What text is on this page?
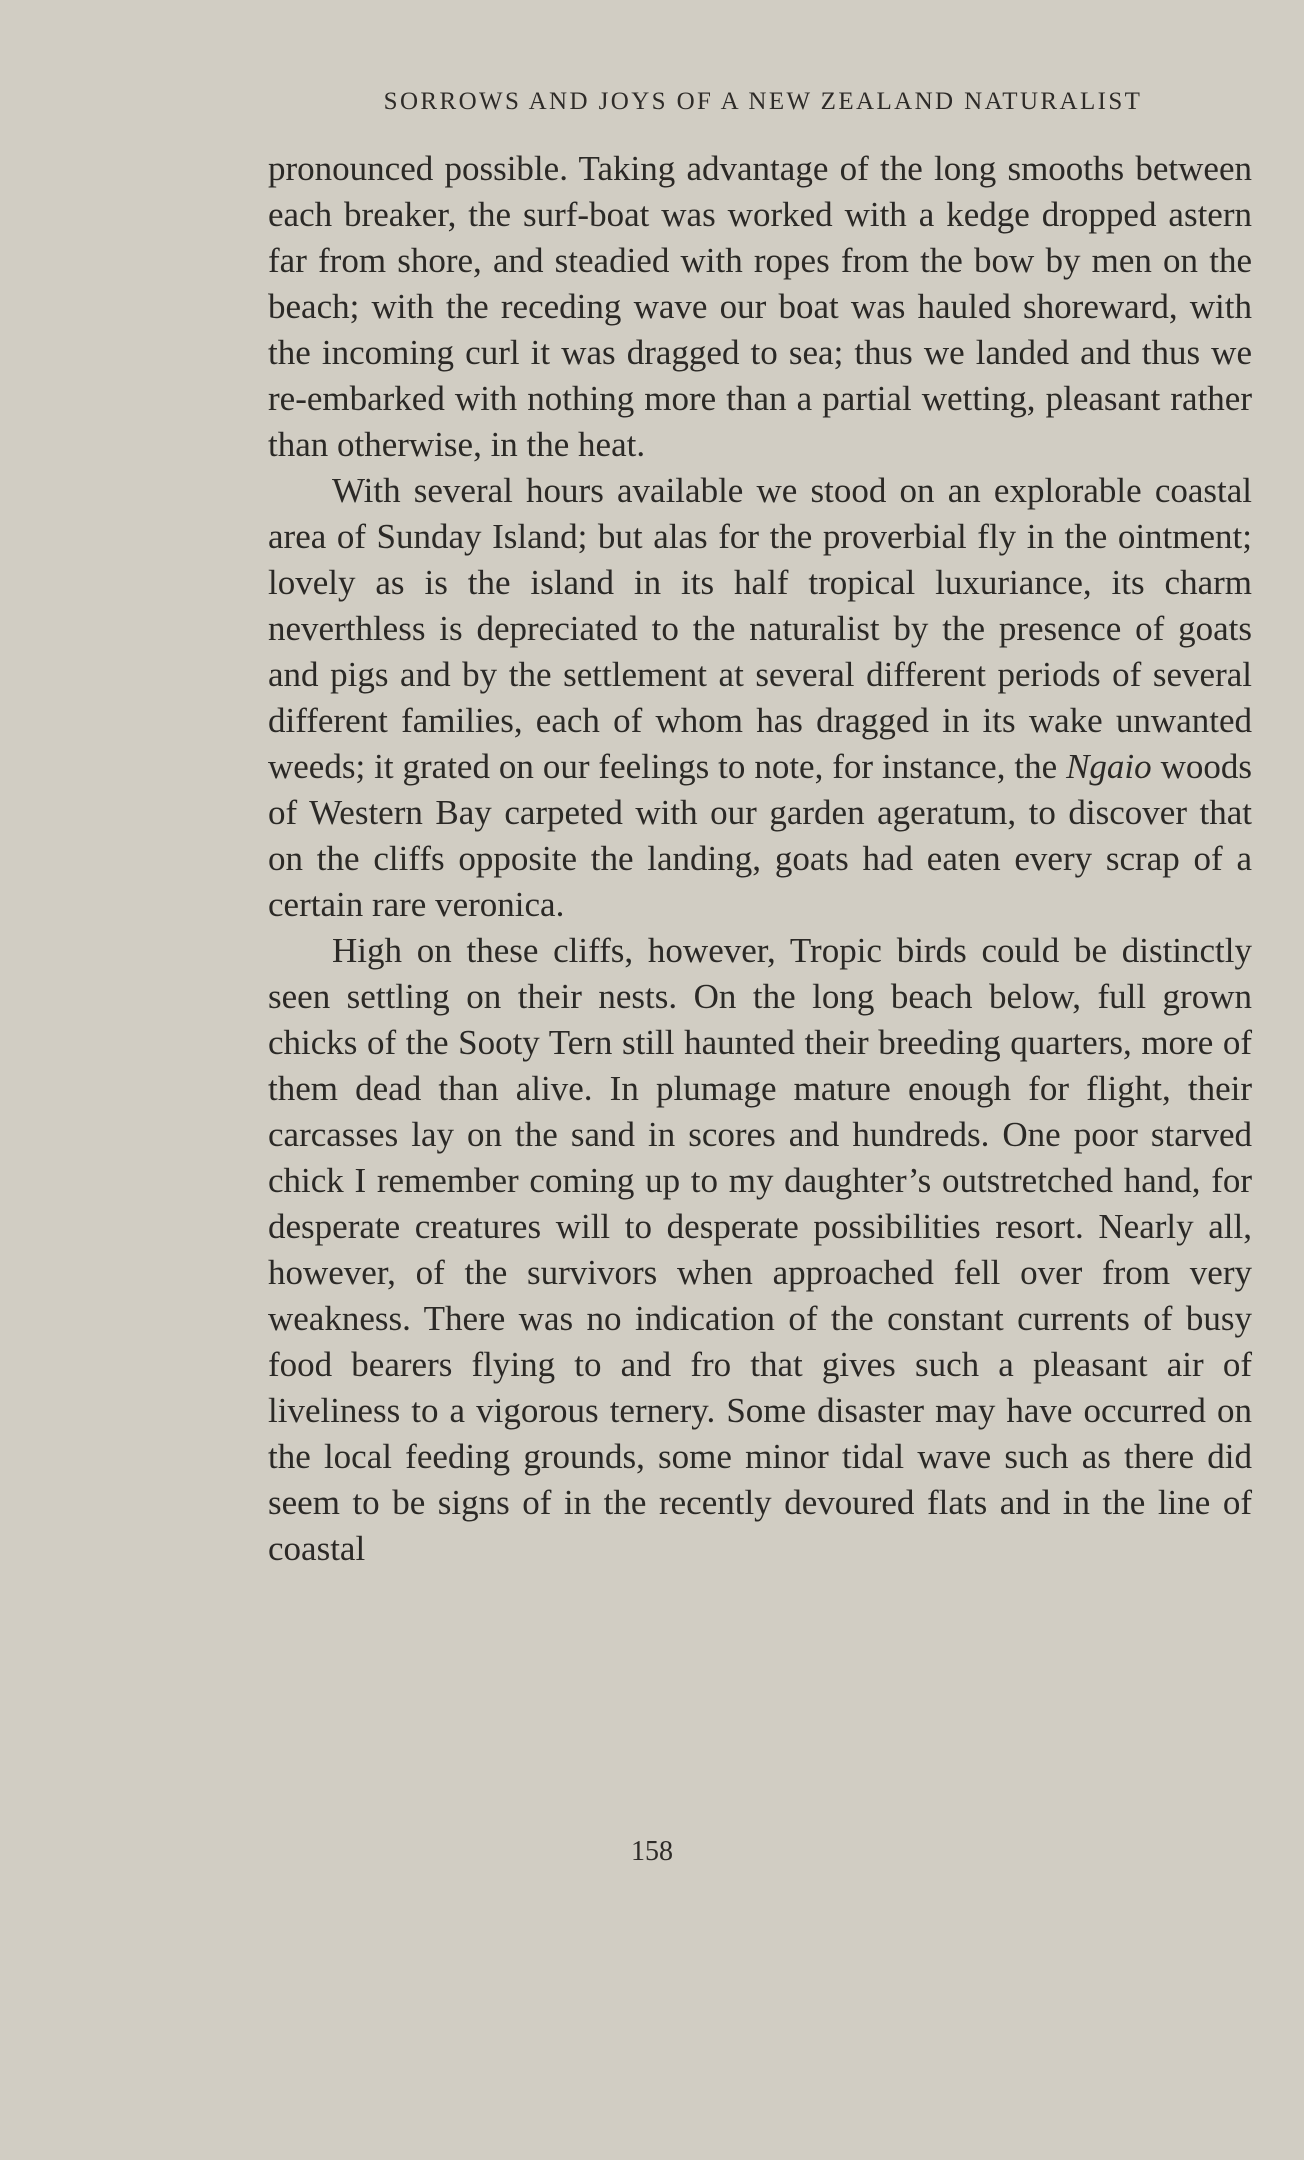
SORROWS AND JOYS OF A NEW ZEALAND NATURALIST

pronounced possible. Taking advantage of the long smooths between each breaker, the surf-boat was worked with a kedge dropped astern far from shore, and steadied with ropes from the bow by men on the beach; with the receding wave our boat was hauled shoreward, with the incoming curl it was dragged to sea; thus we landed and thus we re-embarked with nothing more than a partial wetting, pleasant rather than otherwise, in the heat.

With several hours available we stood on an explorable coastal area of Sunday Island; but alas for the proverbial fly in the ointment; lovely as is the island in its half tropical luxuriance, its charm neverthless is depreciated to the naturalist by the presence of goats and pigs and by the settlement at several different periods of several different families, each of whom has dragged in its wake unwanted weeds; it grated on our feelings to note, for instance, the Ngaio woods of Western Bay carpeted with our garden ageratum, to discover that on the cliffs opposite the landing, goats had eaten every scrap of a certain rare veronica.

High on these cliffs, however, Tropic birds could be distinctly seen settling on their nests. On the long beach below, full grown chicks of the Sooty Tern still haunted their breeding quarters, more of them dead than alive. In plumage mature enough for flight, their carcasses lay on the sand in scores and hundreds. One poor starved chick I remember coming up to my daughter’s outstretched hand, for desperate creatures will to desperate possibilities resort. Nearly all, however, of the survivors when approached fell over from very weakness. There was no indication of the constant currents of busy food bearers flying to and fro that gives such a pleasant air of liveliness to a vigorous ternery. Some disaster may have occurred on the local feeding grounds, some minor tidal wave such as there did seem to be signs of in the recently devoured flats and in the line of coastal

158
